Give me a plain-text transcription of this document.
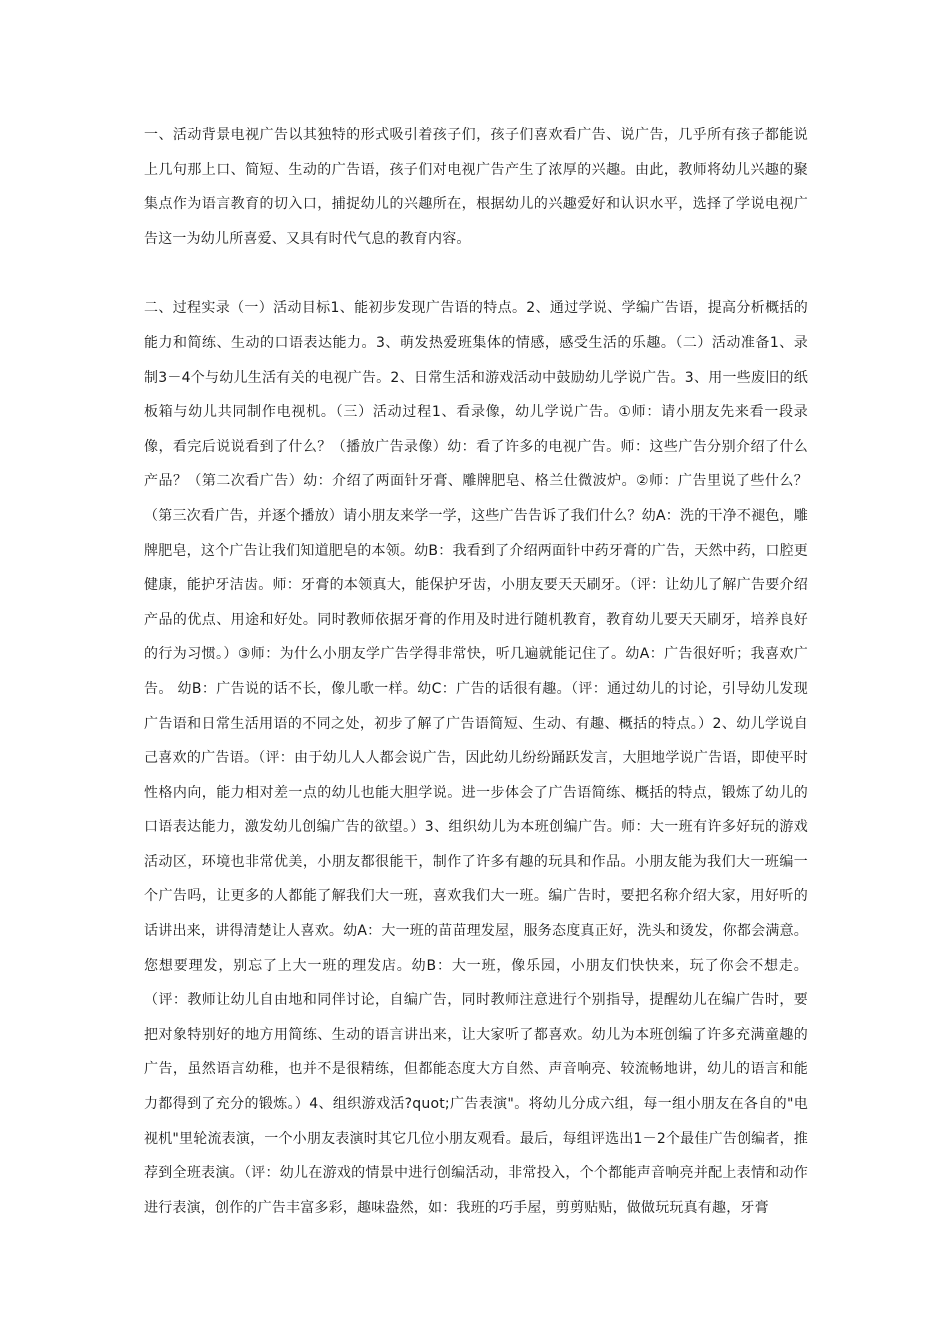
一、活动背景电视广告以其独特的形式吸引着孩子们，孩子们喜欢看广告、说广告，几乎所有孩子都能说上几句那上口、简短、生动的广告语，孩子们对电视广告产生了浓厚的兴趣。由此，教师将幼儿兴趣的聚集点作为语言教育的切入口，捕捉幼儿的兴趣所在，根据幼儿的兴趣爱好和认识水平，选择了学说电视广告这一为幼儿所喜爱、又具有时代气息的教育内容。

二、过程实录（一）活动目标1、能初步发现广告语的特点。2、通过学说、学编广告语，提高分析概括的能力和简练、生动的口语表达能力。3、萌发热爱班集体的情感，感受生活的乐趣。（二）活动准备1、录制3－4个与幼儿生活有关的电视广告。2、日常生活和游戏活动中鼓励幼儿学说广告。3、用一些废旧的纸板箱与幼儿共同制作电视机。（三）活动过程1、看录像，幼儿学说广告。①师：请小朋友先来看一段录像，看完后说说看到了什么？（播放广告录像）幼：看了许多的电视广告。师：这些广告分别介绍了什么产品？（第二次看广告）幼：介绍了两面针牙膏、雕牌肥皂、格兰仕微波炉。②师：广告里说了些什么？（第三次看广告，并逐个播放）请小朋友来学一学，这些广告告诉了我们什么？幼A：洗的干净不褪色，雕牌肥皂，这个广告让我们知道肥皂的本领。幼B：我看到了介绍两面针中药牙膏的广告，天然中药，口腔更健康，能护牙洁齿。师：牙膏的本领真大，能保护牙齿，小朋友要天天刷牙。（评：让幼儿了解广告要介绍产品的优点、用途和好处。同时教师依据牙膏的作用及时进行随机教育，教育幼儿要天天刷牙，培养良好的行为习惯。）③师：为什么小朋友学广告学得非常快，听几遍就能记住了。幼A：广告很好听；我喜欢广告。 幼B：广告说的话不长，像儿歌一样。幼C：广告的话很有趣。（评：通过幼儿的讨论，引导幼儿发现广告语和日常生活用语的不同之处，初步了解了广告语简短、生动、有趣、概括的特点。）2、幼儿学说自己喜欢的广告语。（评：由于幼儿人人都会说广告，因此幼儿纷纷踊跃发言，大胆地学说广告语，即使平时性格内向，能力相对差一点的幼儿也能大胆学说。进一步体会了广告语简练、概括的特点，锻炼了幼儿的口语表达能力，激发幼儿创编广告的欲望。）3、组织幼儿为本班创编广告。师：大一班有许多好玩的游戏活动区，环境也非常优美，小朋友都很能干，制作了许多有趣的玩具和作品。小朋友能为我们大一班编一个广告吗，让更多的人都能了解我们大一班，喜欢我们大一班。编广告时，要把名称介绍大家，用好听的话讲出来，讲得清楚让人喜欢。幼A：大一班的苗苗理发屋，服务态度真正好，洗头和烫发，你都会满意。您想要理发，别忘了上大一班的理发店。幼B：大一班，像乐园，小朋友们快快来，玩了你会不想走。（评：教师让幼儿自由地和同伴讨论，自编广告，同时教师注意进行个别指导，提醒幼儿在编广告时，要把对象特别好的地方用简练、生动的语言讲出来，让大家听了都喜欢。幼儿为本班创编了许多充满童趣的广告，虽然语言幼稚，也并不是很精练，但都能态度大方自然、声音响亮、较流畅地讲，幼儿的语言和能力都得到了充分的锻炼。）4、组织游戏活?quot;广告表演"。将幼儿分成六组，每一组小朋友在各自的"电视机"里轮流表演，一个小朋友表演时其它几位小朋友观看。最后，每组评选出1－2个最佳广告创编者，推荐到全班表演。（评：幼儿在游戏的情景中进行创编活动，非常投入，个个都能声音响亮并配上表情和动作进行表演，创作的广告丰富多彩，趣味盎然，如：我班的巧手屋，剪剪贴贴，做做玩玩真有趣，牙膏
